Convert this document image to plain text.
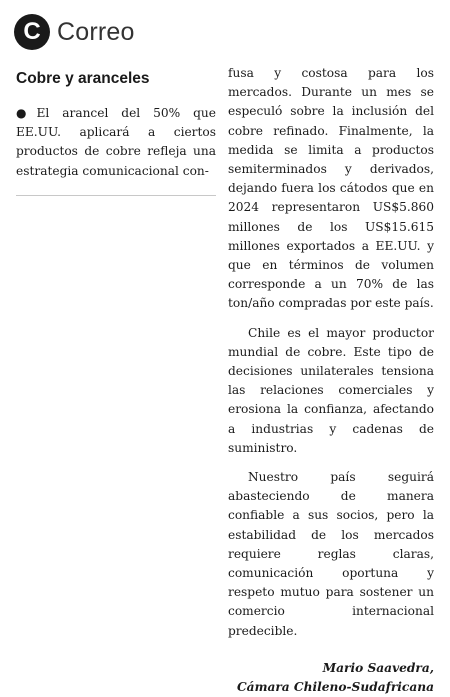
C Correo
Cobre y aranceles

●El arancel del 50% que EE.UU. aplicará a ciertos productos de cobre refleja una estrategia comunicacional con-

fusa y costosa para los mercados. Durante un mes se especuló sobre la inclusión del cobre refinado. Finalmente, la medida se limita a productos semiterminados y derivados, dejando fuera los cátodos que en 2024 representaron US$5.860 millones de los US$15.615 millones exportados a EE.UU. y que en términos de volumen corresponde a un 70% de las ton/año compradas por este país.

Chile es el mayor productor mundial de cobre. Este tipo de decisiones unilaterales tensiona las relaciones comerciales y erosiona la confianza, afectando a industrias y cadenas de suministro.

Nuestro país seguirá abasteciendo de manera confiable a sus socios, pero la estabilidad de los mercados requiere reglas claras, comunicación oportuna y respeto mutuo para sostener un comercio internacional predecible.

Mario Saavedra,
Cámara Chileno-Sudafricana
